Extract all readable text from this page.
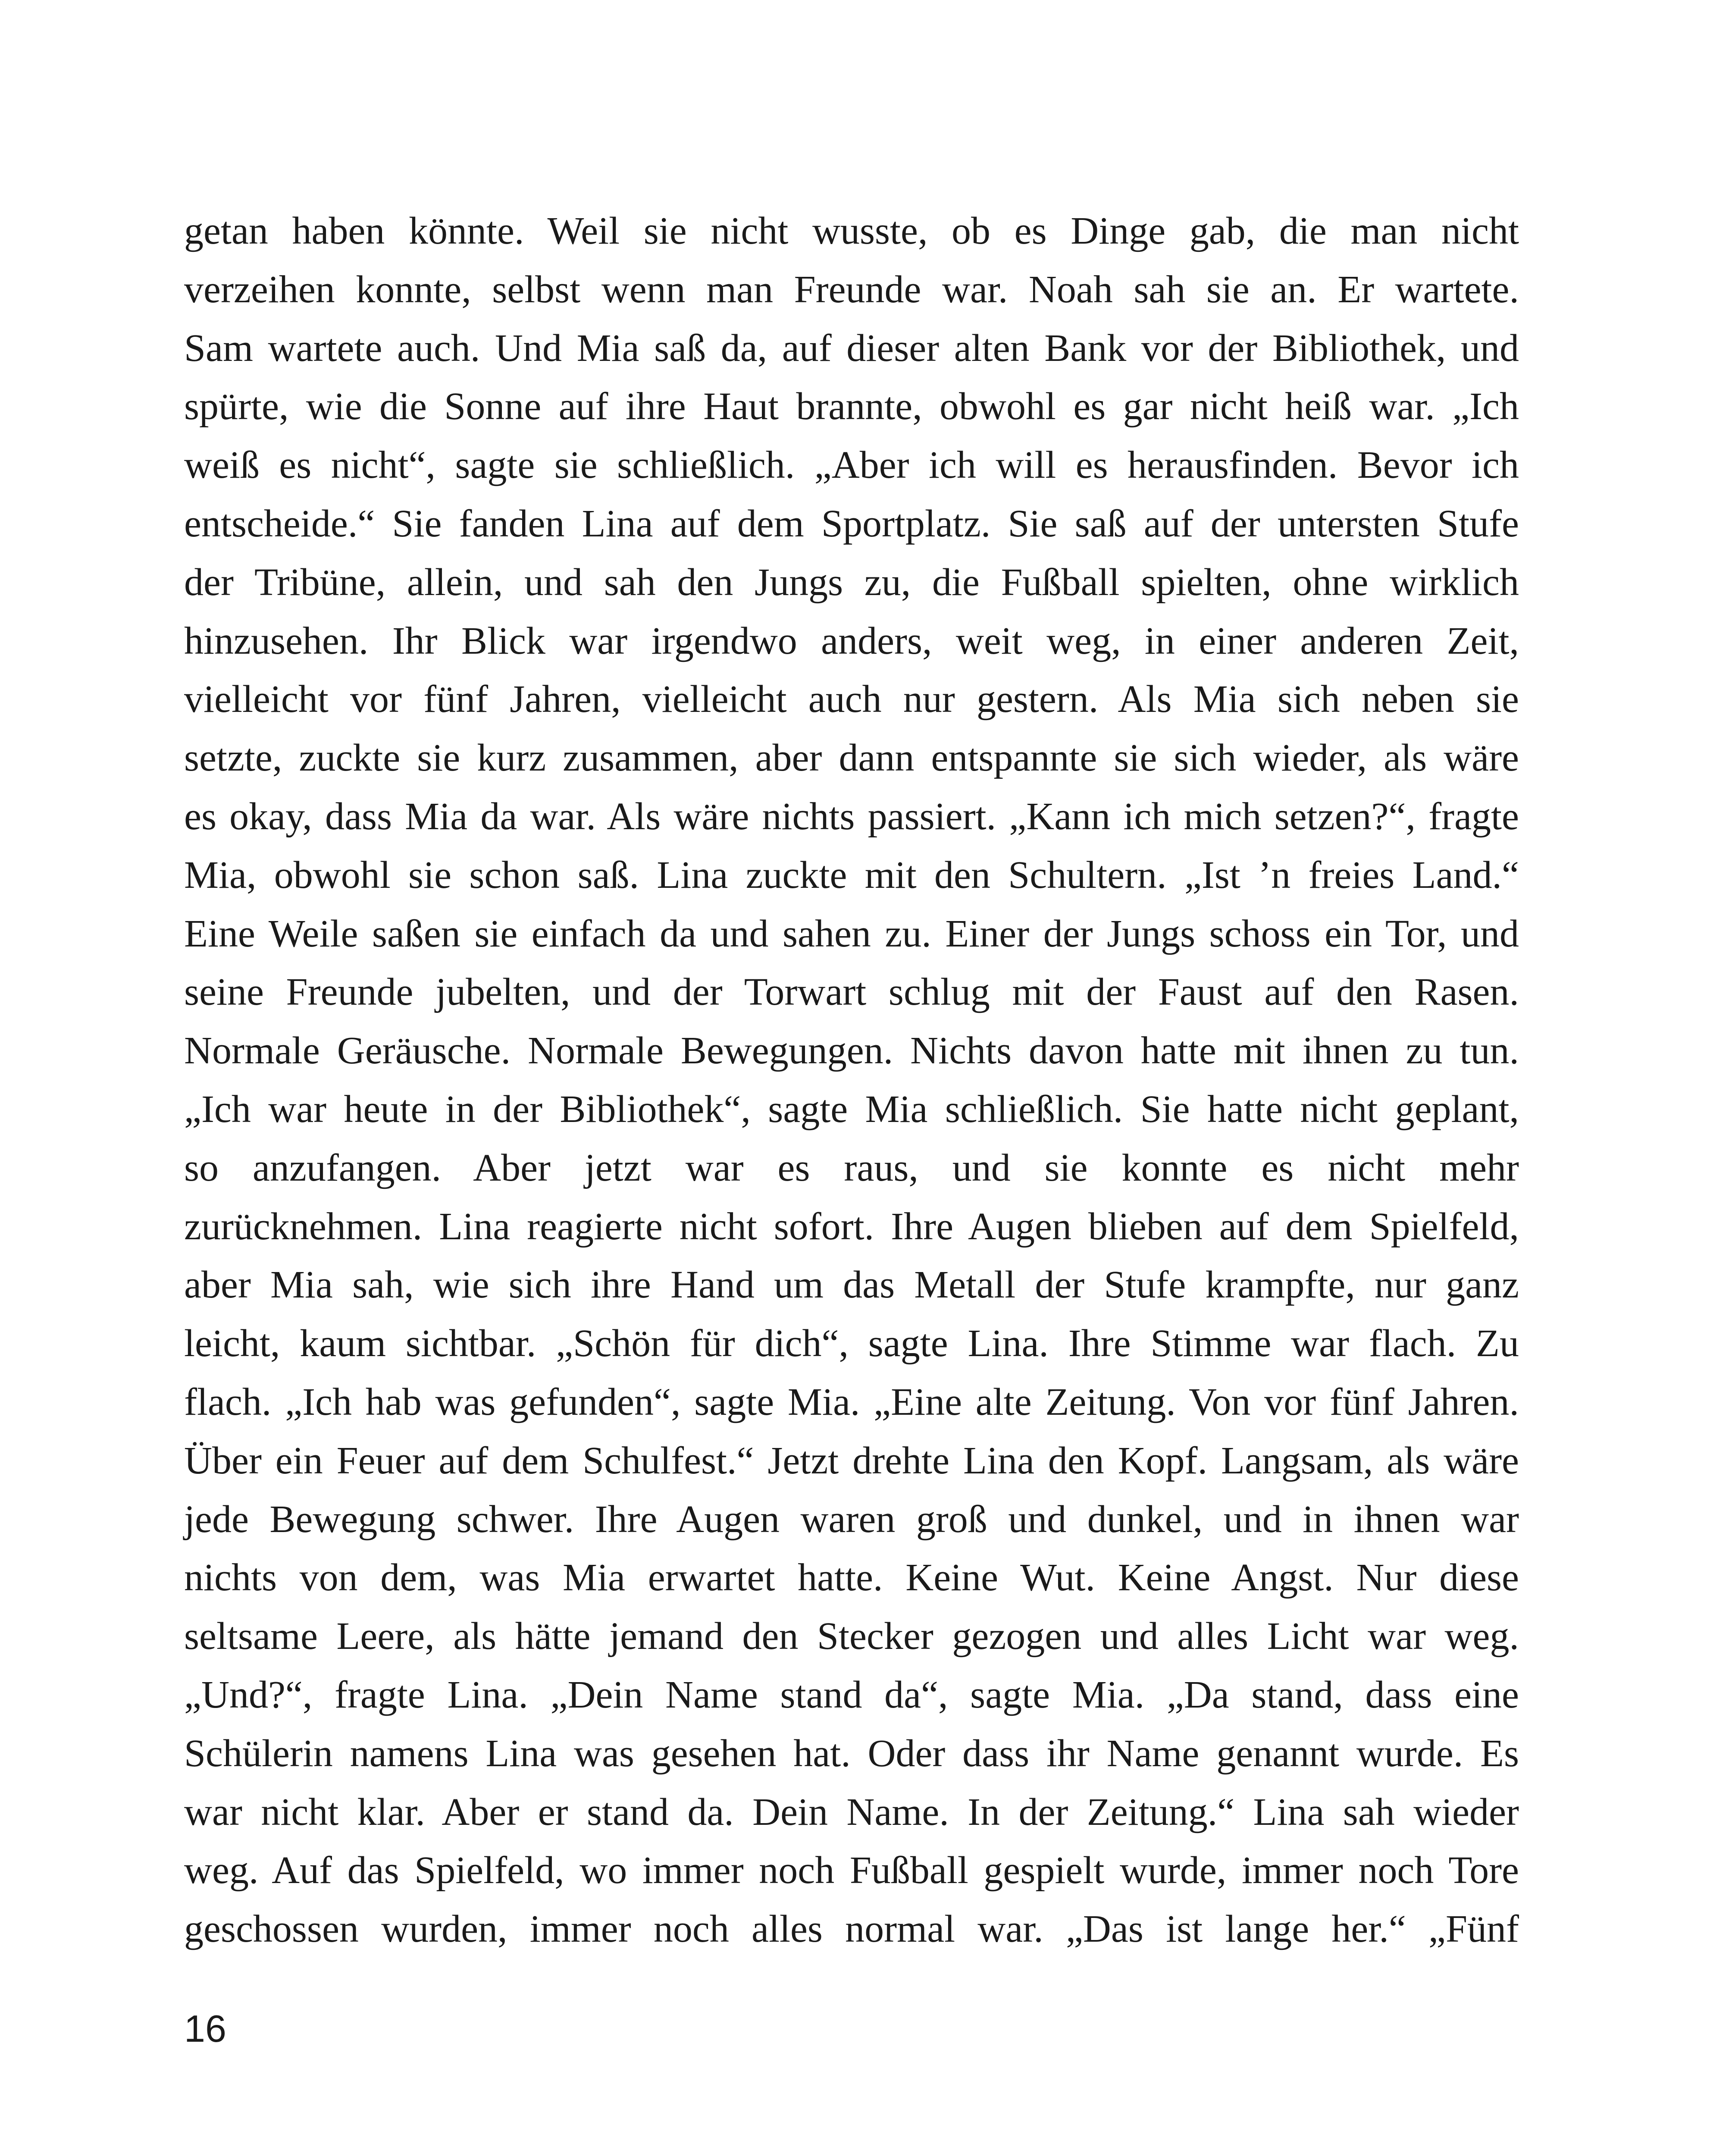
getan haben könnte. Weil sie nicht wusste, ob es Dinge gab, die man nicht
verzeihen konnte, selbst wenn man Freunde war. Noah sah sie an. Er wartete.
Sam wartete auch. Und Mia saß da, auf dieser alten Bank vor der Bibliothek, und
spürte, wie die Sonne auf ihre Haut brannte, obwohl es gar nicht heiß war. „Ich
weiß es nicht“, sagte sie schließlich. „Aber ich will es herausfinden. Bevor ich
entscheide.“ Sie fanden Lina auf dem Sportplatz. Sie saß auf der untersten Stufe
der Tribüne, allein, und sah den Jungs zu, die Fußball spielten, ohne wirklich
hinzusehen. Ihr Blick war irgendwo anders, weit weg, in einer anderen Zeit,
vielleicht vor fünf Jahren, vielleicht auch nur gestern. Als Mia sich neben sie
setzte, zuckte sie kurz zusammen, aber dann entspannte sie sich wieder, als wäre
es okay, dass Mia da war. Als wäre nichts passiert. „Kann ich mich setzen?“, fragte
Mia, obwohl sie schon saß. Lina zuckte mit den Schultern. „Ist ’n freies Land.“
Eine Weile saßen sie einfach da und sahen zu. Einer der Jungs schoss ein Tor, und
seine Freunde jubelten, und der Torwart schlug mit der Faust auf den Rasen.
Normale Geräusche. Normale Bewegungen. Nichts davon hatte mit ihnen zu tun.
„Ich war heute in der Bibliothek“, sagte Mia schließlich. Sie hatte nicht geplant,
so anzufangen. Aber jetzt war es raus, und sie konnte es nicht mehr
zurücknehmen. Lina reagierte nicht sofort. Ihre Augen blieben auf dem Spielfeld,
aber Mia sah, wie sich ihre Hand um das Metall der Stufe krampfte, nur ganz
leicht, kaum sichtbar. „Schön für dich“, sagte Lina. Ihre Stimme war flach. Zu
flach. „Ich hab was gefunden“, sagte Mia. „Eine alte Zeitung. Von vor fünf Jahren.
Über ein Feuer auf dem Schulfest.“ Jetzt drehte Lina den Kopf. Langsam, als wäre
jede Bewegung schwer. Ihre Augen waren groß und dunkel, und in ihnen war
nichts von dem, was Mia erwartet hatte. Keine Wut. Keine Angst. Nur diese
seltsame Leere, als hätte jemand den Stecker gezogen und alles Licht war weg.
„Und?“, fragte Lina. „Dein Name stand da“, sagte Mia. „Da stand, dass eine
Schülerin namens Lina was gesehen hat. Oder dass ihr Name genannt wurde. Es
war nicht klar. Aber er stand da. Dein Name. In der Zeitung.“ Lina sah wieder
weg. Auf das Spielfeld, wo immer noch Fußball gespielt wurde, immer noch Tore
geschossen wurden, immer noch alles normal war. „Das ist lange her.“ „Fünf
16
